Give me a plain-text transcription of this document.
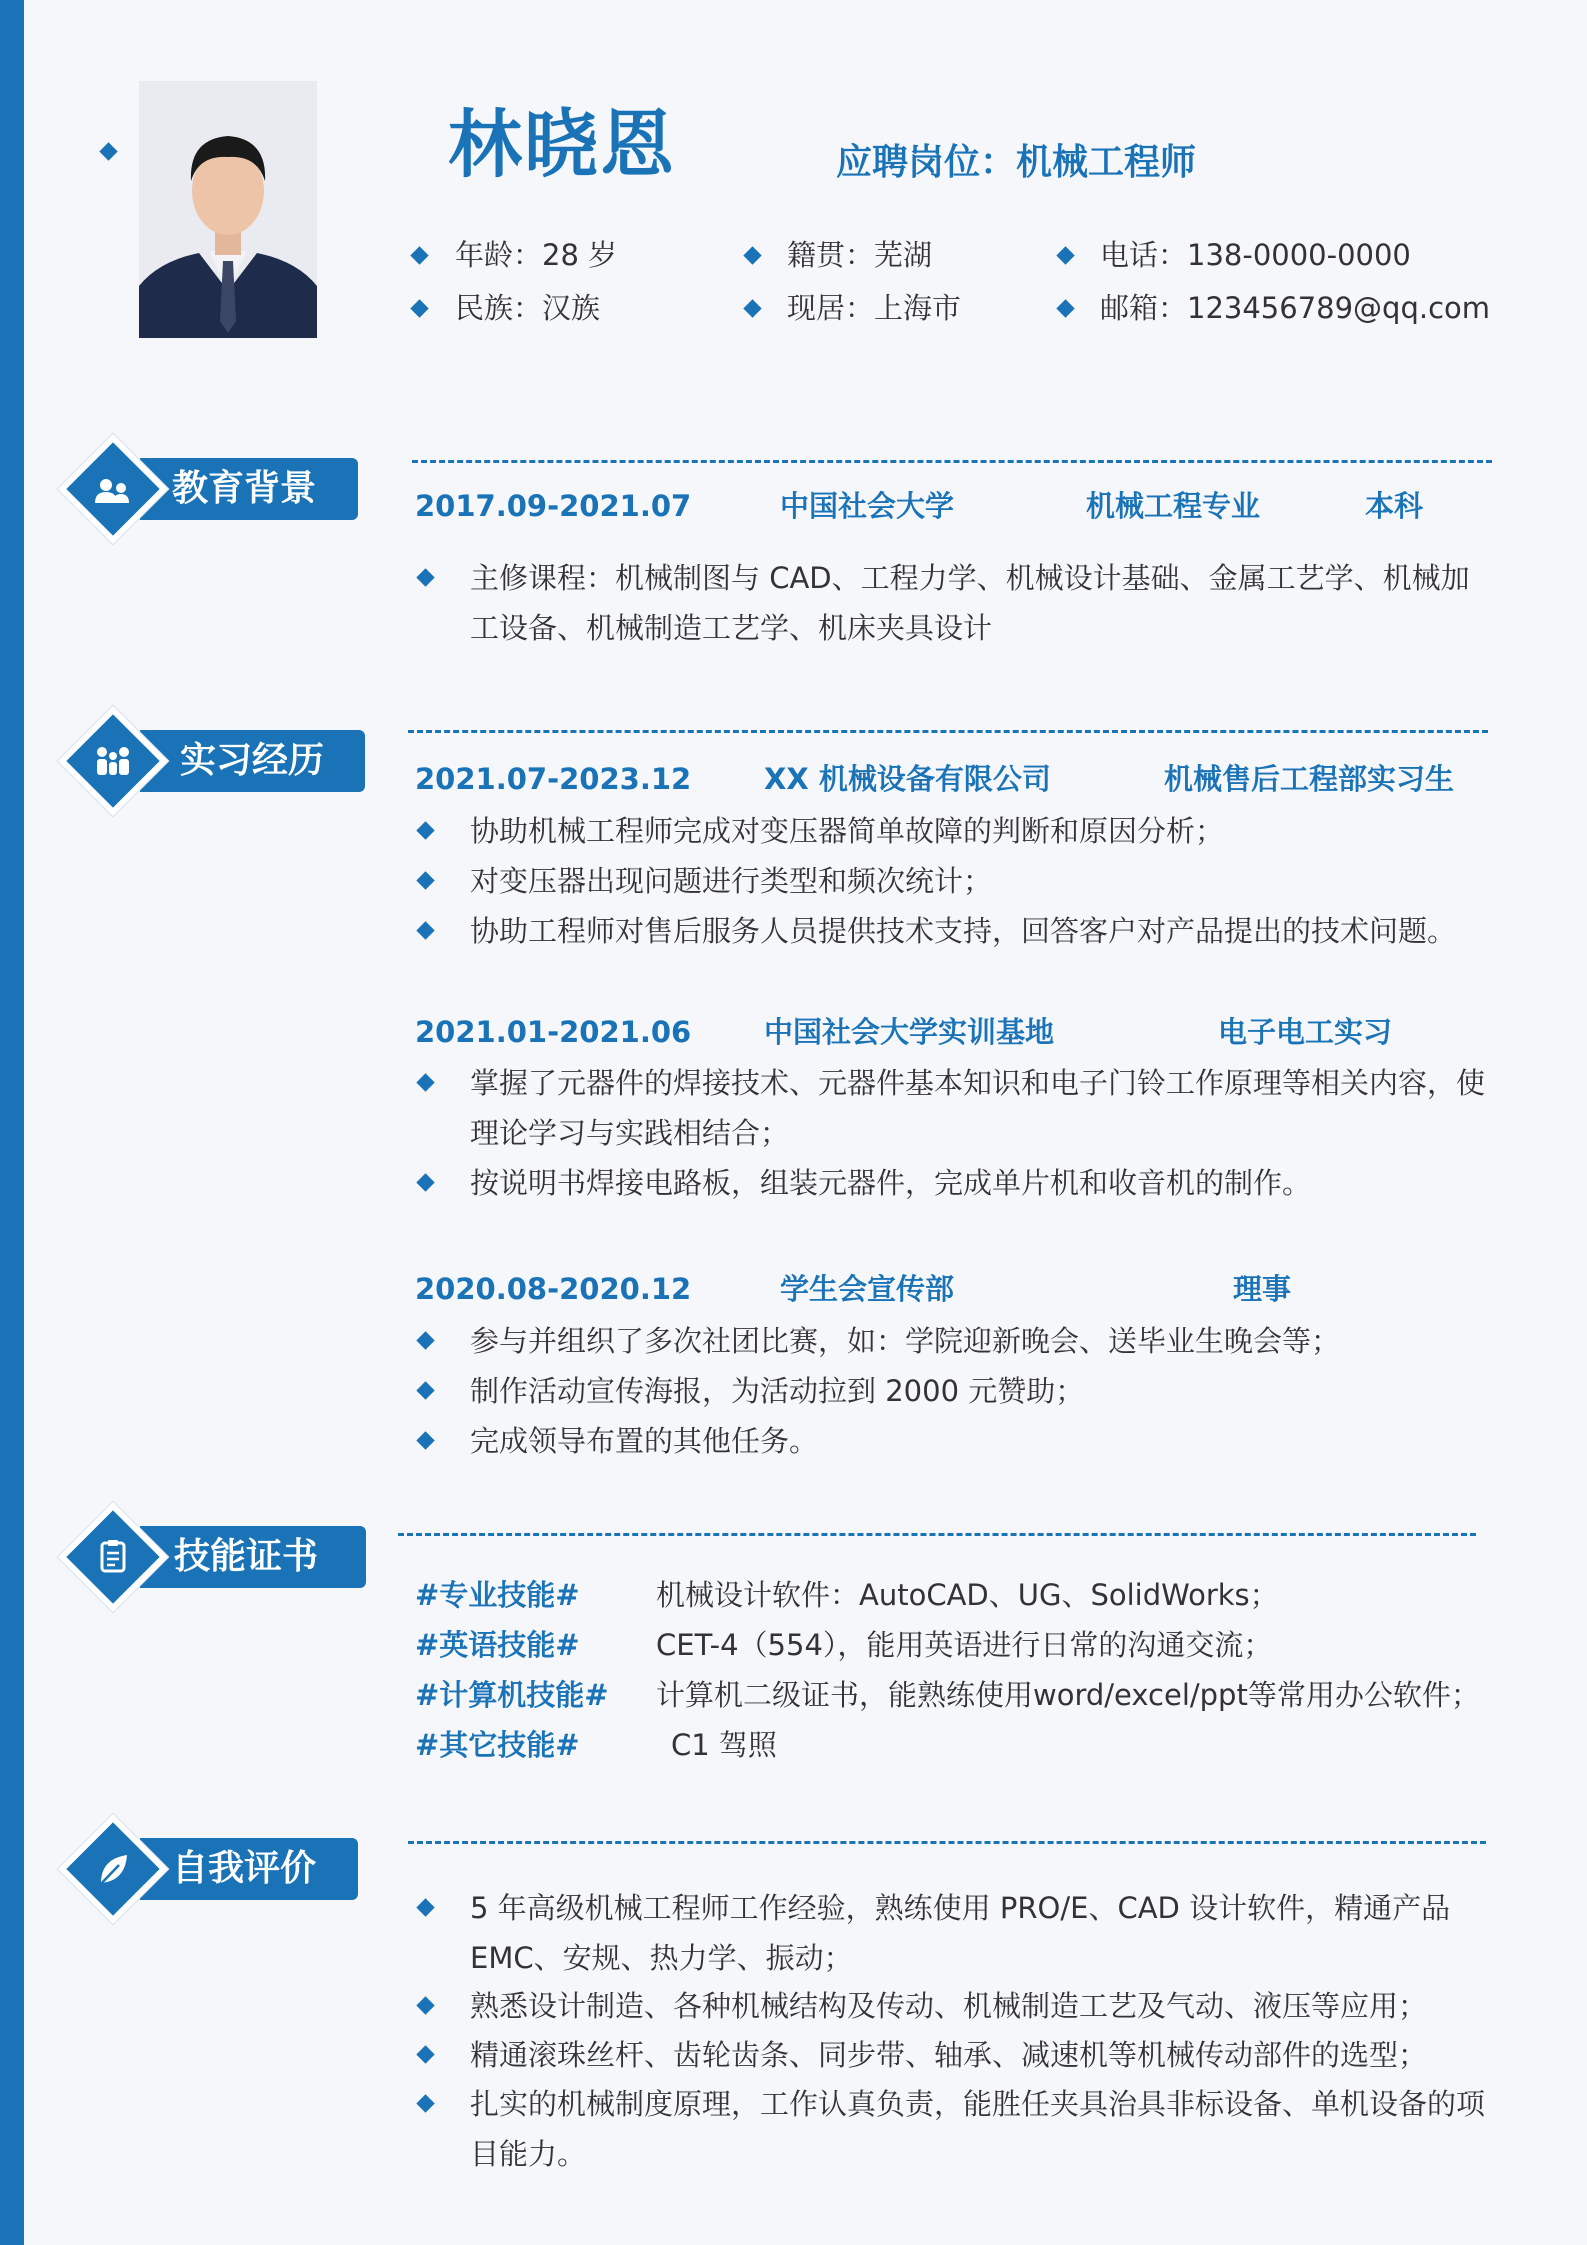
林晓恩	应聘岗位：机械工程师
年龄：28 岁	籍贯：芜湖	电话：138-0000-0000
民族：汉族	现居：上海市	邮箱：123456789@qq.com
教育背景	2017.09-2021.07	中国社会大学	机械工程专业	本科
主修课程：机械制图与 CAD、工程力学、机械设计基础、金属工艺学、机械加工设备、机械制造工艺学、机床夹具设计
实习经历	2021.07-2023.12	XX 机械设备有限公司	机械售后工程部实习生
协助机械工程师完成对变压器简单故障的判断和原因分析；
对变压器出现问题进行类型和频次统计；
协助工程师对售后服务人员提供技术支持，回答客户对产品提出的技术问题。
2021.01-2021.06	中国社会大学实训基地	电子电工实习
掌握了元器件的焊接技术、元器件基本知识和电子门铃工作原理等相关内容，使理论学习与实践相结合；
按说明书焊接电路板，组装元器件，完成单片机和收音机的制作。
2020.08-2020.12	学生会宣传部	理事
参与并组织了多次社团比赛，如：学院迎新晚会、送毕业生晚会等；
制作活动宣传海报，为活动拉到 2000 元赞助；
完成领导布置的其他任务。
技能证书
#专业技能#	机械设计软件：AutoCAD、UG、SolidWorks；
#英语技能#	CET-4（554），能用英语进行日常的沟通交流；
#计算机技能# 计算机二级证书，能熟练使用word/excel/ppt等常用办公软件；
#其它技能#	C1 驾照
自我评价
5 年高级机械工程师工作经验，熟练使用 PRO/E、CAD 设计软件，精通产品 EMC、安规、热力学、振动；
熟悉设计制造、各种机械结构及传动、机械制造工艺及气动、液压等应用；
精通滚珠丝杆、齿轮齿条、同步带、轴承、减速机等机械传动部件的选型；
扎实的机械制度原理，工作认真负责，能胜任夹具治具非标设备、单机设备的项目能力。
